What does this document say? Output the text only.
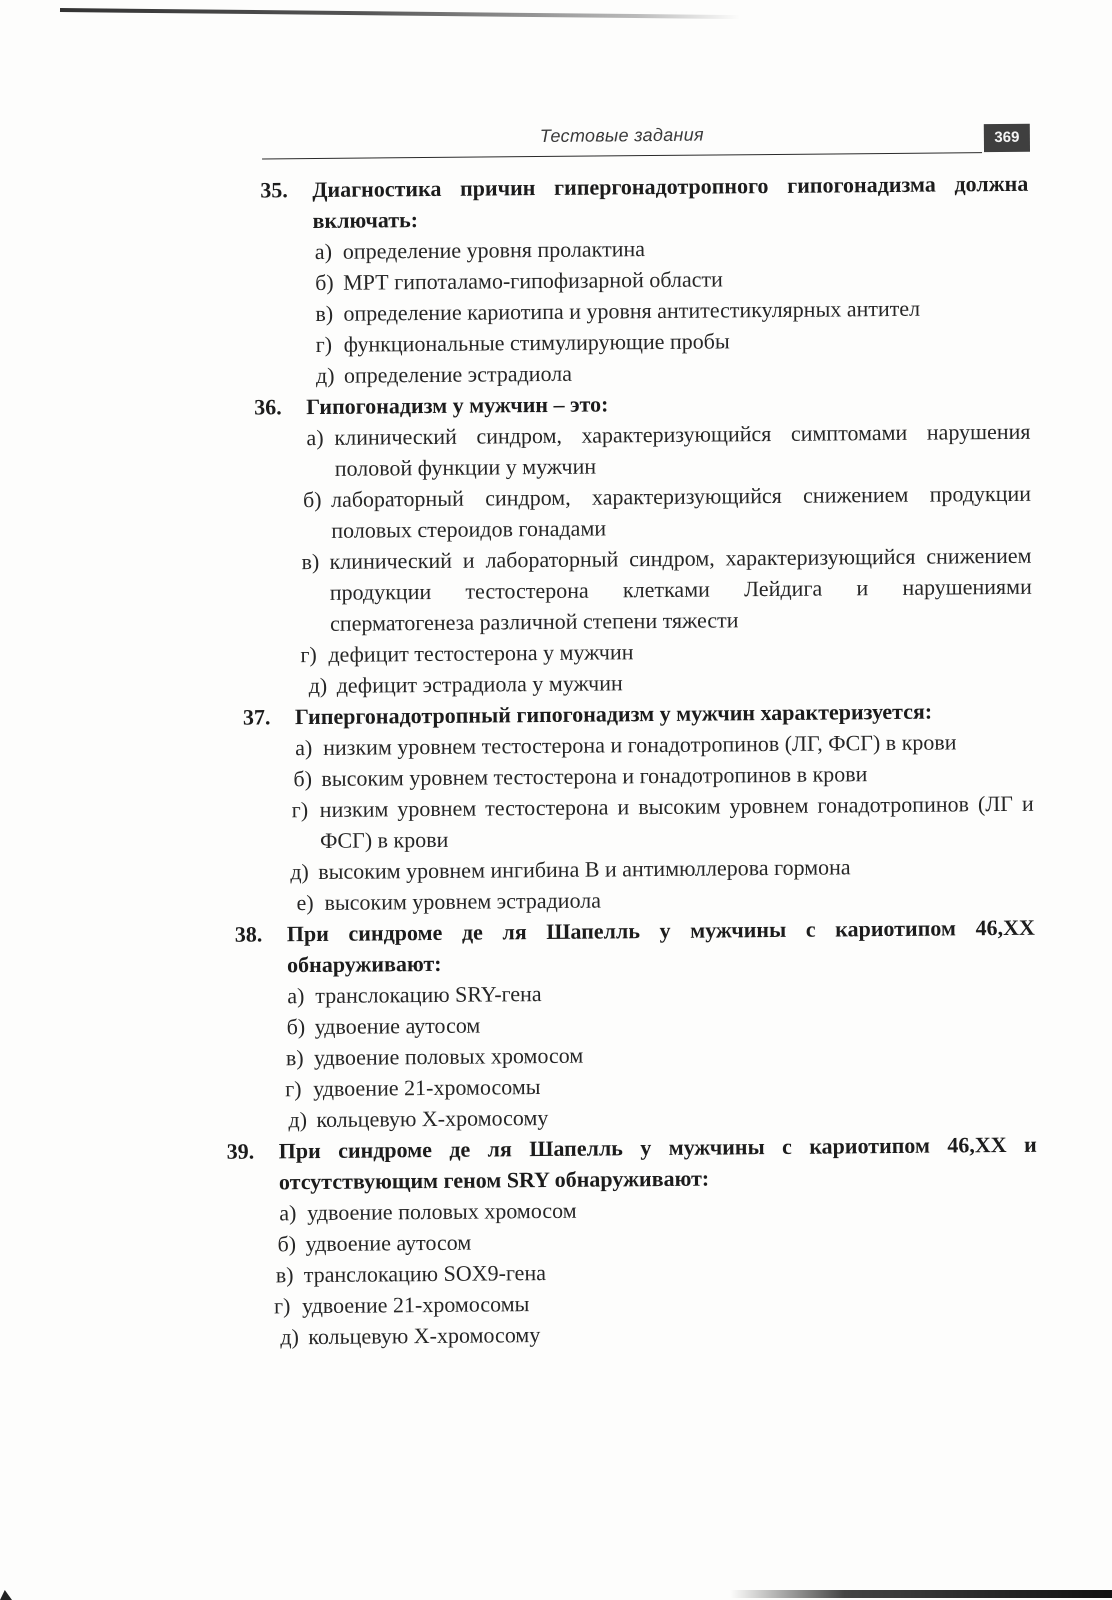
Тестовые задания	369
35. Диагностика причин гипергонадотропного гипогонадизма должна включать:
а ) определение уровня пролактина
б ) МРТ гипоталамо-гипофизарной области
в ) определение кариотипа и уровня антитестикулярных антител
г ) функциональные стимулирующие пробы
д ) определение эстрадиола
36. Гипогонадизм у мужчин – это:
а ) клинический синдром, характеризующийся симптомами нарушения половой функции у мужчин
б ) лабораторный синдром, характеризующийся снижением продукции половых стероидов гонадами
в ) клинический и лабораторный синдром, характеризующийся снижением продукции тестостерона клетками Лейдига и нарушениями сперматогенеза различной степени тяжести
г ) дефицит тестостерона у мужчин
д ) дефицит эстрадиола у мужчин
37. Гипергонадотропный гипогонадизм у мужчин характеризуется:
а ) низким уровнем тестостерона и гонадотропинов (ЛГ, ФСГ) в крови
б ) высоким уровнем тестостерона и гонадотропинов в крови
г ) низким уровнем тестостерона и высоким уровнем гонадотропинов (ЛГ и ФСГ) в крови
д ) высоким уровнем ингибина В и антимюллерова гормона
е ) высоким уровнем эстрадиола
38. При синдроме де ля Шапелль у мужчины с кариотипом 46,XX обнаруживают:
а ) транслокацию SRY-гена
б ) удвоение аутосом
в ) удвоение половых хромосом
г ) удвоение 21-хромосомы
д ) кольцевую Х-хромосому
39. При синдроме де ля Шапелль у мужчины с кариотипом 46,XX и отсутствующим геном SRY обнаруживают:
а ) удвоение половых хромосом
б ) удвоение аутосом
в ) транслокацию SOX9-гена
г ) удвоение 21-хромосомы
д ) кольцевую Х-хромосому
